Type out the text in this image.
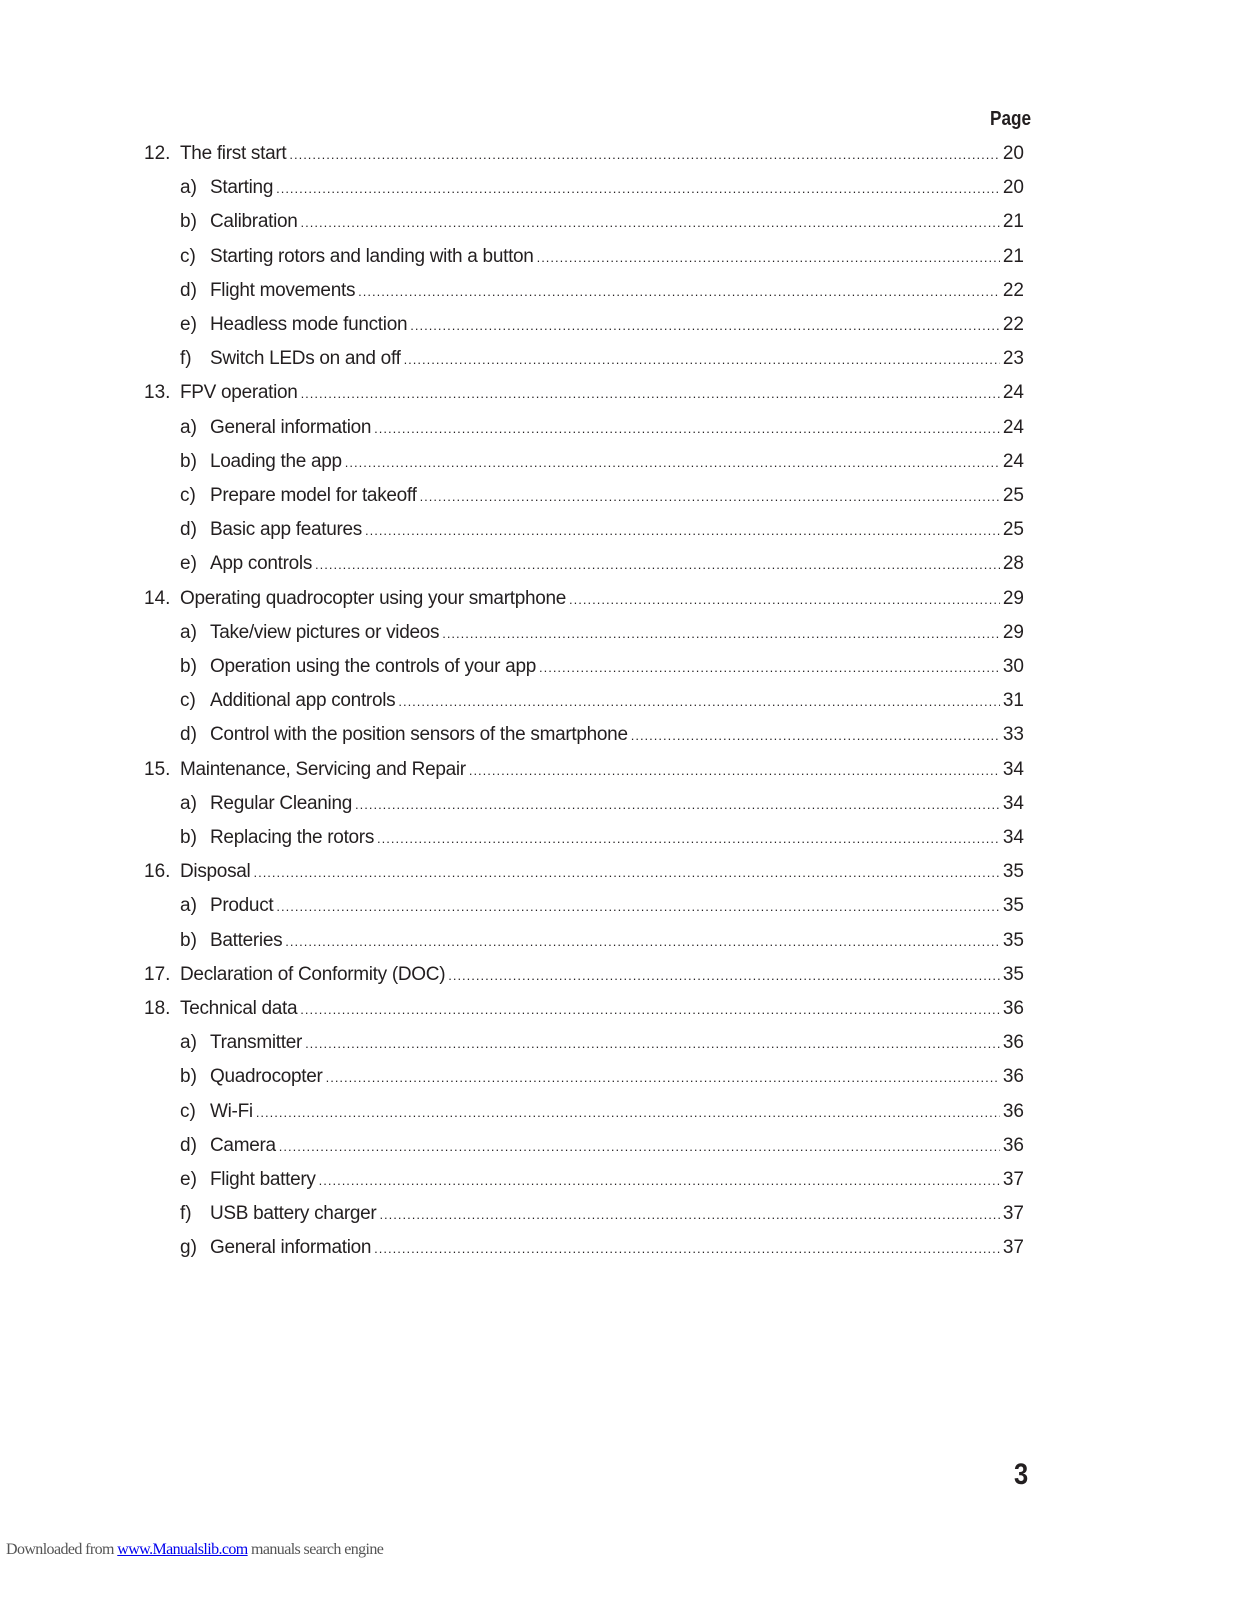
Page
12. The first start .....	20
a) Starting .....	20
b) Calibration .....	21
c) Starting rotors and landing with a button .....	21
d) Flight movements .....	22
e) Headless mode function .....	22
f) Switch LEDs on and off .....	23
13. FPV operation .....	24
a) General information .....	24
b) Loading the app .....	24
c) Prepare model for takeoff .....	25
d) Basic app features .....	25
e) App controls .....	28
14. Operating quadrocopter using your smartphone .....	29
a) Take/view pictures or videos .....	29
b) Operation using the controls of your app .....	30
c) Additional app controls .....	31
d) Control with the position sensors of the smartphone .....	33
15. Maintenance, Servicing and Repair .....	34
a) Regular Cleaning .....	34
b) Replacing the rotors .....	34
16. Disposal .....	35
a) Product .....	35
b) Batteries .....	35
17. Declaration of Conformity (DOC) .....	35
18. Technical data .....	36
a) Transmitter .....	36
b) Quadrocopter .....	36
c) Wi-Fi .....	36
d) Camera .....	36
e) Flight battery .....	37
f) USB battery charger .....	37
g) General information .....	37
3
Downloaded from www.Manualslib.com manuals search engine
